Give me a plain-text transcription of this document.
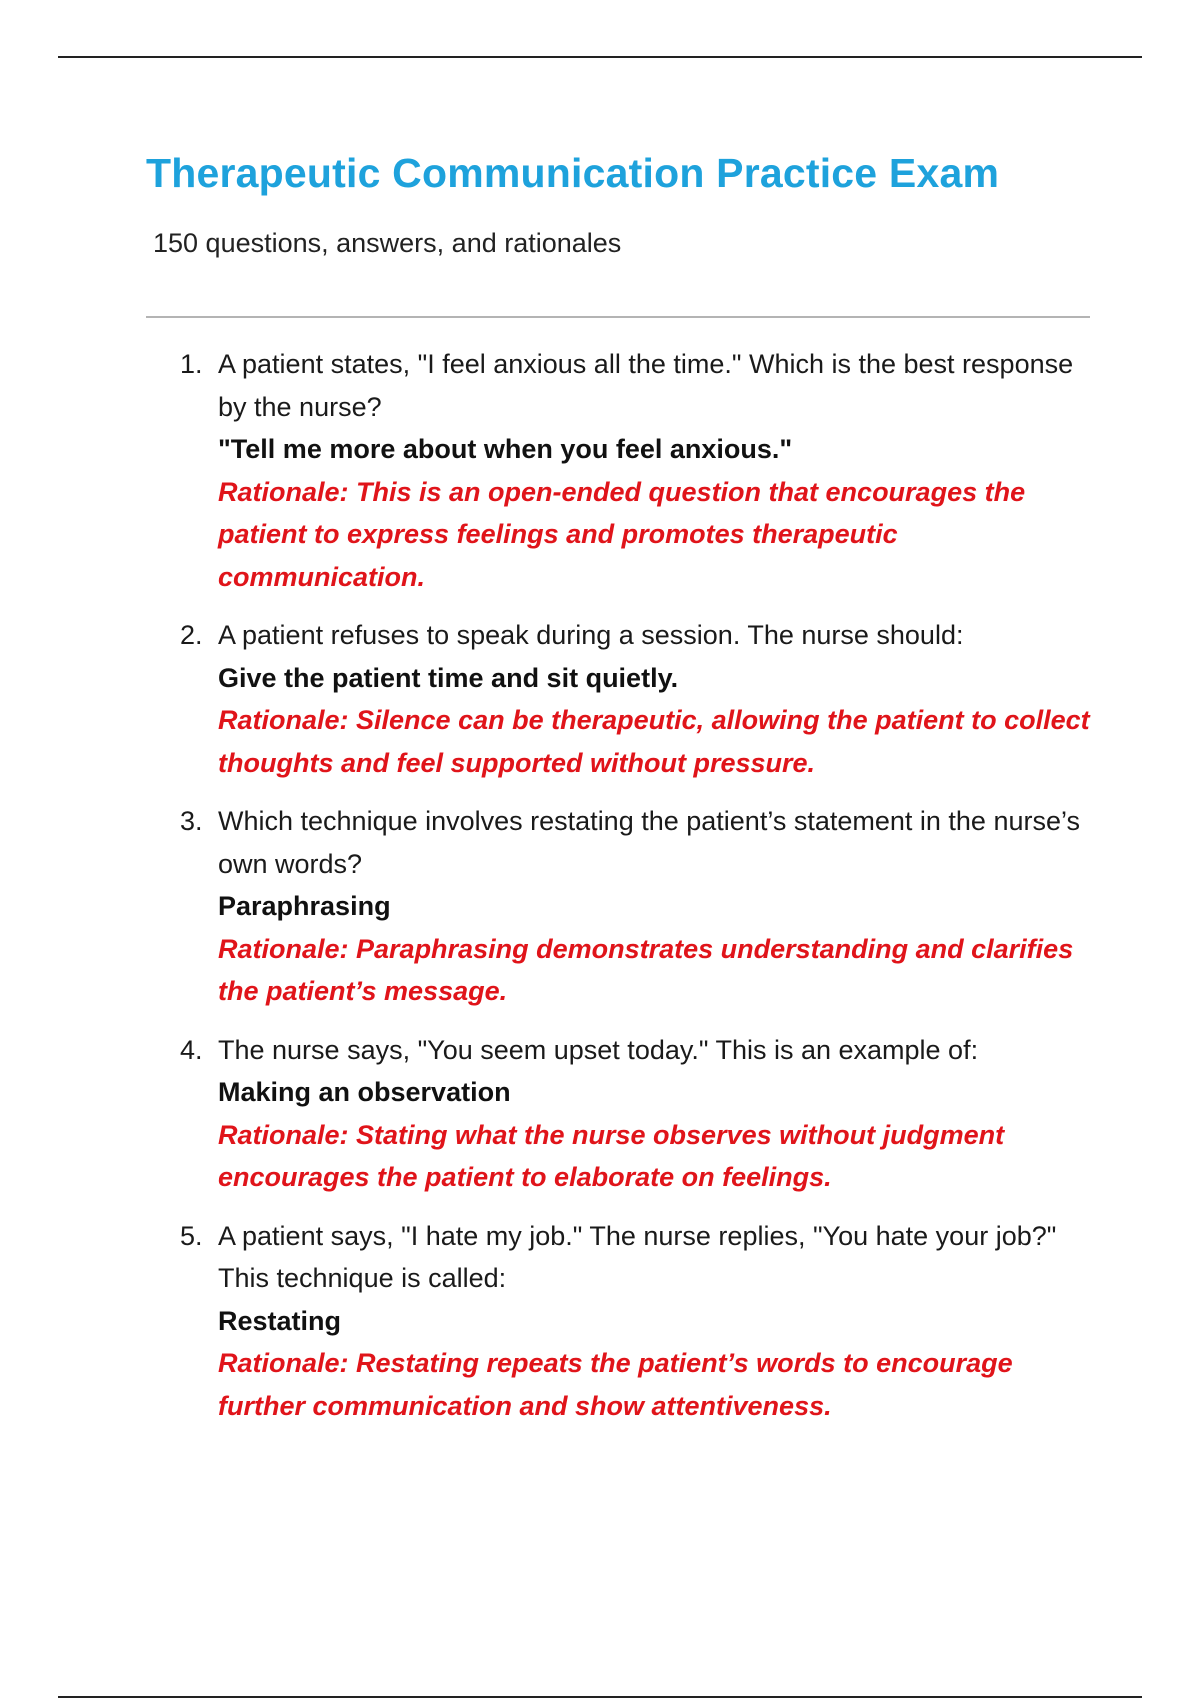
Therapeutic Communication Practice Exam

150 questions, answers, and rationales

1. A patient states, "I feel anxious all the time." Which is the best response by the nurse?
"Tell me more about when you feel anxious."
Rationale: This is an open-ended question that encourages the patient to express feelings and promotes therapeutic communication.
2. A patient refuses to speak during a session. The nurse should:
Give the patient time and sit quietly.
Rationale: Silence can be therapeutic, allowing the patient to collect thoughts and feel supported without pressure.
3. Which technique involves restating the patient’s statement in the nurse’s own words?
Paraphrasing
Rationale: Paraphrasing demonstrates understanding and clarifies the patient’s message.
4. The nurse says, "You seem upset today." This is an example of:
Making an observation
Rationale: Stating what the nurse observes without judgment encourages the patient to elaborate on feelings.
5. A patient says, "I hate my job." The nurse replies, "You hate your job?" This technique is called:
Restating
Rationale: Restating repeats the patient’s words to encourage further communication and show attentiveness.
